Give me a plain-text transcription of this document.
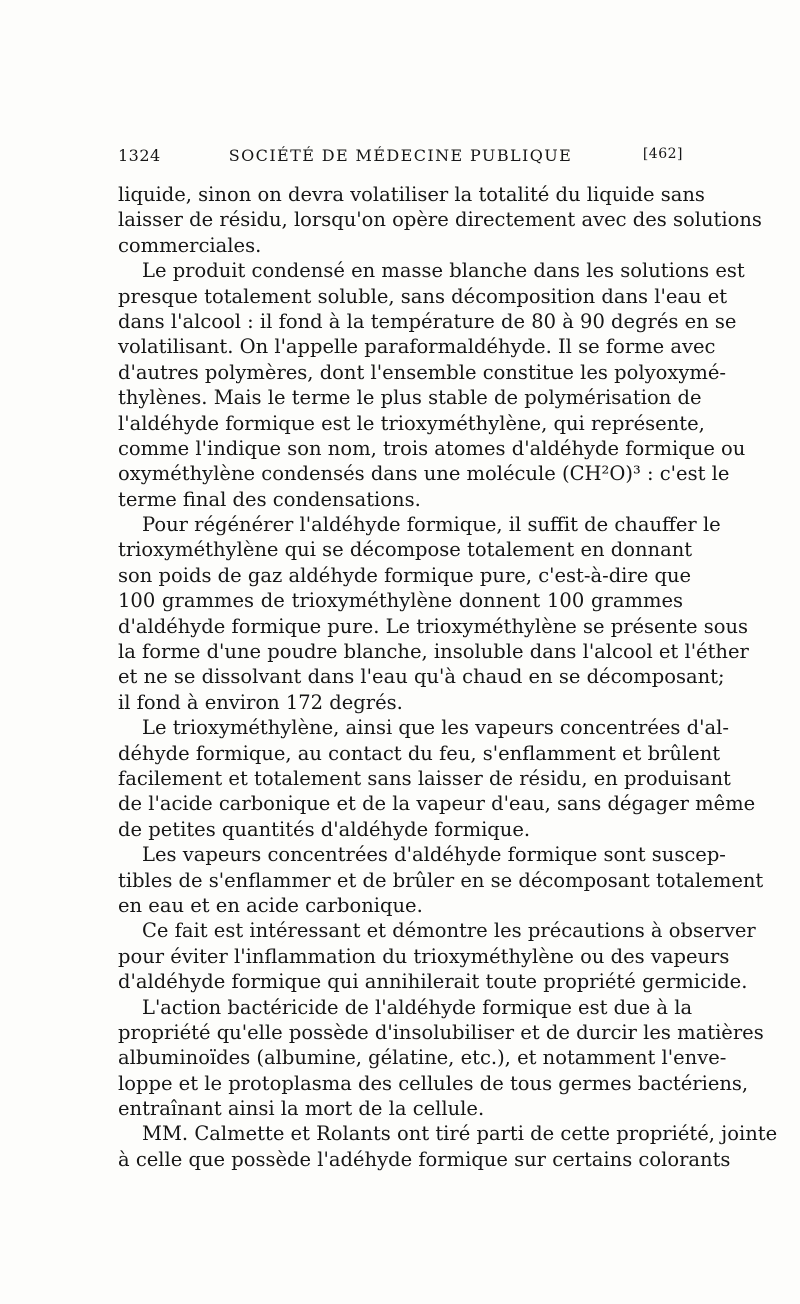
1324	SOCIÉTÉ DE MÉDECINE PUBLIQUE	[462]
liquide, sinon on devra volatiliser la totalité du liquide sans
laisser de résidu, lorsqu'on opère directement avec des solutions
commerciales.
Le produit condensé en masse blanche dans les solutions est
presque totalement soluble, sans décomposition dans l'eau et
dans l'alcool : il fond à la température de 80 à 90 degrés en se
volatilisant. On l'appelle paraformaldéhyde. Il se forme avec
d'autres polymères, dont l'ensemble constitue les polyoxymé-
thylènes. Mais le terme le plus stable de polymérisation de
l'aldéhyde formique est le trioxyméthylène, qui représente,
comme l'indique son nom, trois atomes d'aldéhyde formique ou
oxyméthylène condensés dans une molécule (CH²O)³ : c'est le
terme final des condensations.
Pour régénérer l'aldéhyde formique, il suffit de chauffer le
trioxyméthylène qui se décompose totalement en donnant
son poids de gaz aldéhyde formique pure, c'est-à-dire que
100 grammes de trioxyméthylène donnent 100 grammes
d'aldéhyde formique pure. Le trioxyméthylène se présente sous
la forme d'une poudre blanche, insoluble dans l'alcool et l'éther
et ne se dissolvant dans l'eau qu'à chaud en se décomposant;
il fond à environ 172 degrés.
Le trioxyméthylène, ainsi que les vapeurs concentrées d'al-
déhyde formique, au contact du feu, s'enflamment et brûlent
facilement et totalement sans laisser de résidu, en produisant
de l'acide carbonique et de la vapeur d'eau, sans dégager même
de petites quantités d'aldéhyde formique.
Les vapeurs concentrées d'aldéhyde formique sont suscep-
tibles de s'enflammer et de brûler en se décomposant totalement
en eau et en acide carbonique.
Ce fait est intéressant et démontre les précautions à observer
pour éviter l'inflammation du trioxyméthylène ou des vapeurs
d'aldéhyde formique qui annihilerait toute propriété germicide.
L'action bactéricide de l'aldéhyde formique est due à la
propriété qu'elle possède d'insolubiliser et de durcir les matières
albuminoïdes (albumine, gélatine, etc.), et notamment l'enve-
loppe et le protoplasma des cellules de tous germes bactériens,
entraînant ainsi la mort de la cellule.
MM. Calmette et Rolants ont tiré parti de cette propriété, jointe
à celle que possède l'adéhyde formique sur certains colorants
